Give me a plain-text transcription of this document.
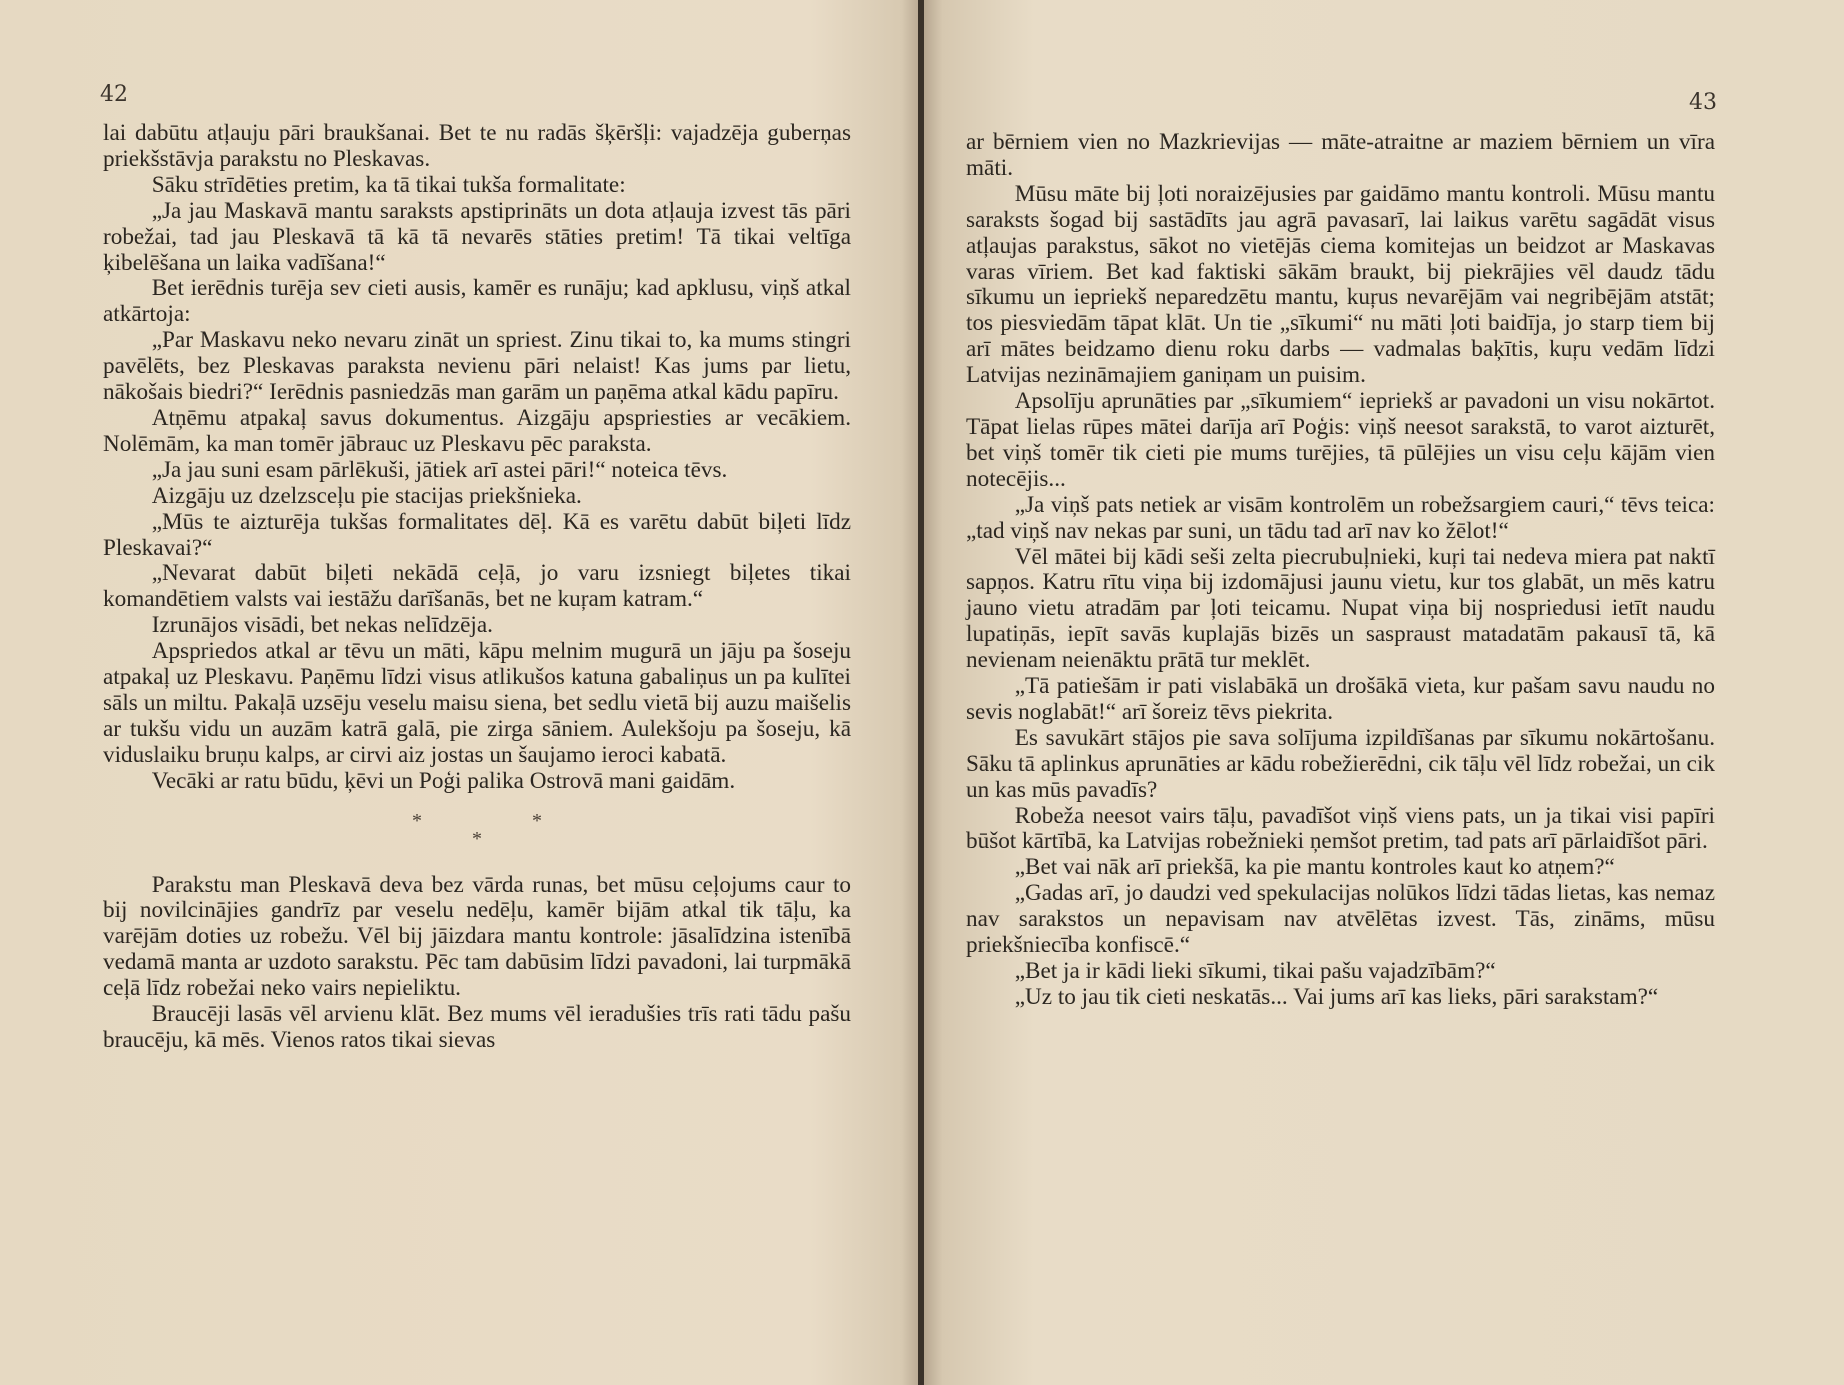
42

lai dabūtu atļauju pāri braukšanai. Bet te nu radās šķēršļi: vajadzēja guberņas priekšstāvja parakstu no Pleskavas.

Sāku strīdēties pretim, ka tā tikai tukša formalitate:

„Ja jau Maskavā mantu saraksts apstiprināts un dota atļauja izvest tās pāri robežai, tad jau Pleskavā tā kā tā nevarēs stāties pretim! Tā tikai veltīga ķibelēšana un laika vadīšana!“

Bet ierēdnis turēja sev cieti ausis, kamēr es runāju; kad apklusu, viņš atkal atkārtoja:

„Par Maskavu neko nevaru zināt un spriest. Zinu tikai to, ka mums stingri pavēlēts, bez Pleskavas paraksta nevienu pāri nelaist! Kas jums par lietu, nākošais biedri?“ Ierēdnis pasniedzās man garām un paņēma atkal kādu papīru.

Atņēmu atpakaļ savus dokumentus. Aizgāju apspriesties ar vecākiem. Nolēmām, ka man tomēr jābrauc uz Pleskavu pēc paraksta.

„Ja jau suni esam pārlēkuši, jātiek arī astei pāri!“ noteica tēvs.

Aizgāju uz dzelzsceļu pie stacijas priekšnieka.

„Mūs te aizturēja tukšas formalitates dēļ. Kā es varētu dabūt biļeti līdz Pleskavai?“

„Nevarat dabūt biļeti nekādā ceļā, jo varu izsniegt biļetes tikai komandētiem valsts vai iestāžu darīšanās, bet ne kuŗam katram.“

Izrunājos visādi, bet nekas nelīdzēja.

Apspriedos atkal ar tēvu un māti, kāpu melnim mugurā un jāju pa šoseju atpakaļ uz Pleskavu. Paņēmu līdzi visus atlikušos katuna gabaliņus un pa kulītei sāls un miltu. Pakaļā uzsēju veselu maisu siena, bet sedlu vietā bij auzu maišelis ar tukšu vidu un auzām katrā galā, pie zirga sāniem. Aulekšoju pa šoseju, kā viduslaiku bruņu kalps, ar cirvi aiz jostas un šaujamo ieroci kabatā.

Vecāki ar ratu būdu, ķēvi un Poģi palika Ostrovā mani gaidām.

**
*

Parakstu man Pleskavā deva bez vārda runas, bet mūsu ceļojums caur to bij novilcinājies gandrīz par veselu nedēļu, kamēr bijām atkal tik tāļu, ka varējām doties uz robežu. Vēl bij jāizdara mantu kontrole: jāsalīdzina istenībā vedamā manta ar uzdoto sarakstu. Pēc tam dabūsim līdzi pavadoni, lai turpmākā ceļā līdz robežai neko vairs nepieliktu.

Braucēji lasās vēl arvienu klāt. Bez mums vēl ieradušies trīs rati tādu pašu braucēju, kā mēs. Vienos ratos tikai sievas

43

ar bērniem vien no Mazkrievijas — māte-atraitne ar maziem bērniem un vīra māti.

Mūsu māte bij ļoti noraizējusies par gaidāmo mantu kontroli. Mūsu mantu saraksts šogad bij sastādīts jau agrā pavasarī, lai laikus varētu sagādāt visus atļaujas parakstus, sākot no vietējās ciema komitejas un beidzot ar Maskavas varas vīriem. Bet kad faktiski sākām braukt, bij piekrājies vēl daudz tādu sīkumu un iepriekš neparedzētu mantu, kuŗus nevarējām vai negribējām atstāt; tos piesviedām tāpat klāt. Un tie „sīkumi“ nu māti ļoti baidīja, jo starp tiem bij arī mātes beidzamo dienu roku darbs — vadmalas baķītis, kuŗu vedām līdzi Latvijas nezināmajiem ganiņam un puisim.

Apsolīju aprunāties par „sīkumiem“ iepriekš ar pavadoni un visu nokārtot. Tāpat lielas rūpes mātei darīja arī Poģis: viņš neesot sarakstā, to varot aizturēt, bet viņš tomēr tik cieti pie mums turējies, tā pūlējies un visu ceļu kājām vien notecējis...

„Ja viņš pats netiek ar visām kontrolēm un robežsargiem cauri,“ tēvs teica: „tad viņš nav nekas par suni, un tādu tad arī nav ko žēlot!“

Vēl mātei bij kādi seši zelta piecrubuļnieki, kuŗi tai nedeva miera pat naktī sapņos. Katru rītu viņa bij izdomājusi jaunu vietu, kur tos glabāt, un mēs katru jauno vietu atradām par ļoti teicamu. Nupat viņa bij nospriedusi ietīt naudu lupatiņās, iepīt savās kuplajās bizēs un saspraust matadatām pakausī tā, kā nevienam neienāktu prātā tur meklēt.

„Tā patiešām ir pati vislabākā un drošākā vieta, kur pašam savu naudu no sevis noglabāt!“ arī šoreiz tēvs piekrita.

Es savukārt stājos pie sava solījuma izpildīšanas par sīkumu nokārtošanu. Sāku tā aplinkus aprunāties ar kādu robežierēdni, cik tāļu vēl līdz robežai, un cik un kas mūs pavadīs?

Robeža neesot vairs tāļu, pavadīšot viņš viens pats, un ja tikai visi papīri būšot kārtībā, ka Latvijas robežnieki ņemšot pretim, tad pats arī pārlaidīšot pāri.

„Bet vai nāk arī priekšā, ka pie mantu kontroles kaut ko atņem?“

„Gadas arī, jo daudzi ved spekulacijas nolūkos līdzi tādas lietas, kas nemaz nav sarakstos un nepavisam nav atvēlētas izvest. Tās, zināms, mūsu priekšniecība konfiscē.“

„Bet ja ir kādi lieki sīkumi, tikai pašu vajadzībām?“

„Uz to jau tik cieti neskatās... Vai jums arī kas lieks, pāri sarakstam?“
